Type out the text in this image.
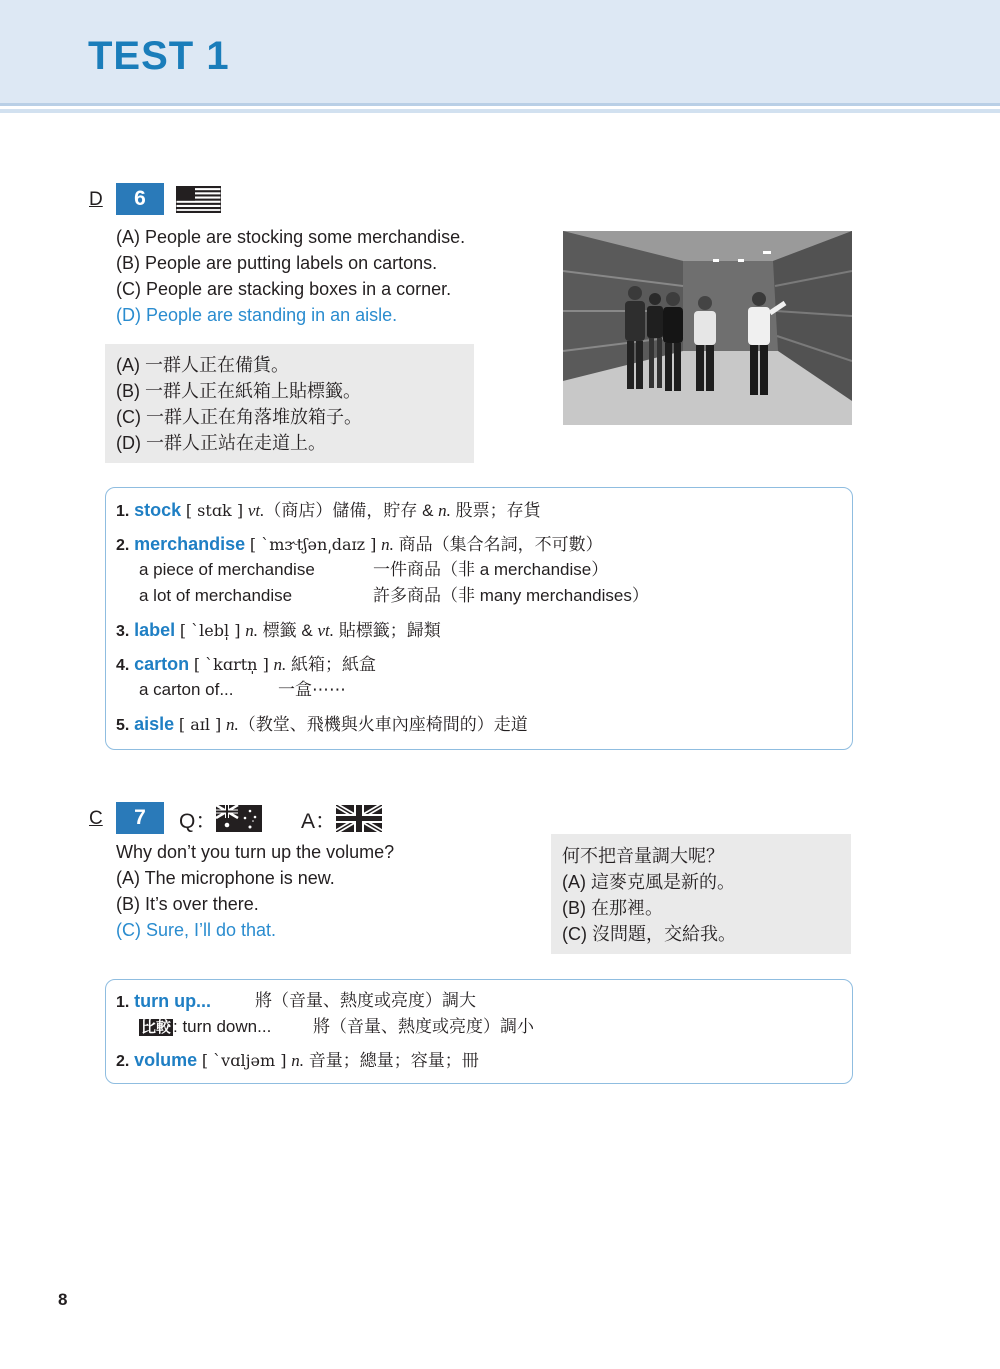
TEST 1
D	6
(A) People are stocking some merchandise.
(B) People are putting labels on cartons.
(C) People are stacking boxes in a corner.
(D) People are standing in an aisle.
(A) 一群人正在備貨。
(B) 一群人正在紙箱上貼標籤。
(C) 一群人正在角落堆放箱子。
(D) 一群人正站在走道上。
1. stock [ stɑk ] vt.（商店）儲備，貯存 & n. 股票；存貨
2. merchandise [ ˋmɝtʃən͵daɪz ] n. 商品（集合名詞，不可數）
a piece of merchandise	一件商品（非 a merchandise）
a lot of merchandise	許多商品（非 many merchandises）
3. label [ ˋlebl̩ ] n. 標籤 & vt. 貼標籤；歸類
4. carton [ ˋkɑrtn̩ ] n. 紙箱；紙盒
a carton of...	一盒⋯⋯
5. aisle [ aɪl ] n.（教堂、飛機與火車內座椅間的）走道
C	7	Q：	A：
Why don’t you turn up the volume?
(A) The microphone is new.
(B) It’s over there.
(C) Sure, I’ll do that.
何不把音量調大呢？
(A) 這麥克風是新的。
(B) 在那裡。
(C) 沒問題，交給我。
1. turn up...	將（音量、熱度或亮度）調大
比較 : turn down... 將（音量、熱度或亮度）調小
2. volume [ ˋvɑljəm ] n. 音量；總量；容量；冊
8
